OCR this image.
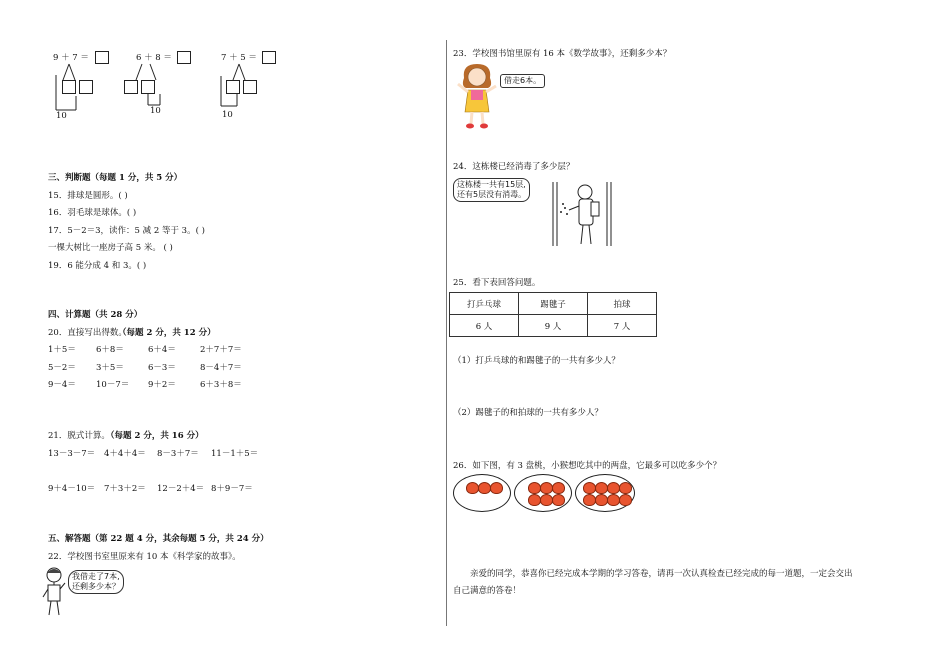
9 ＋ 7 ＝
10
6 ＋ 8 ＝
10
7 ＋ 5 ＝
10
三、判断题（每题 1 分，共 5 分）
15．排球是圆形。( )
16．羽毛球是球体。( )
17．5－2＝3，读作：5 减 2 等于 3。( )
一棵大树比一座房子高 5 米。 ( )
19．6 能分成 4 和 3。( )
四、计算题（共 28 分）
20．直接写出得数。
（每题 2 分，共 12 分）
1＋5＝ 6＋8＝	6＋4＝	2＋7＋7＝
5－2＝ 3＋5＝	6－3＝	8－4＋7＝
9－4＝ 10－7＝ 9＋2＝	6＋3＋8＝
21．脱式计算。
（每题 2 分，共 16 分）
13－3－7＝ 4＋4＋4＝ 8－3＋7＝ 11－1＋5＝
9＋4－10＝ 7＋3＋2＝ 12－2＋4＝ 8＋9－7＝
五、解答题（第 22 题 4 分，其余每题 5 分，共 24 分）
22．学校图书室里原来有 10 本《科学家的故事》。
我借走了7本,
还剩多少本？
23．学校图书馆里原有 16 本《数学故事》，还剩多少本？
借走6本。
24．这栋楼已经消毒了多少层？
这栋楼一共有15层,
还有5层没有消毒。
25．看下表回答问题。
打乒乓球	踢毽子	拍球
6 人	9 人	7 人
（1）打乒乓球的和踢毽子的一共有多少人？
（2）踢毽子的和拍球的一共有多少人？
26．如下图，有 3 盘桃，小猴想吃其中的两盘，它最多可以吃多少个？
亲爱的同学，恭喜你已经完成本学期的学习答卷，请再一次认真检查已经完成的每一道题，一定会交出
自己满意的答卷！
